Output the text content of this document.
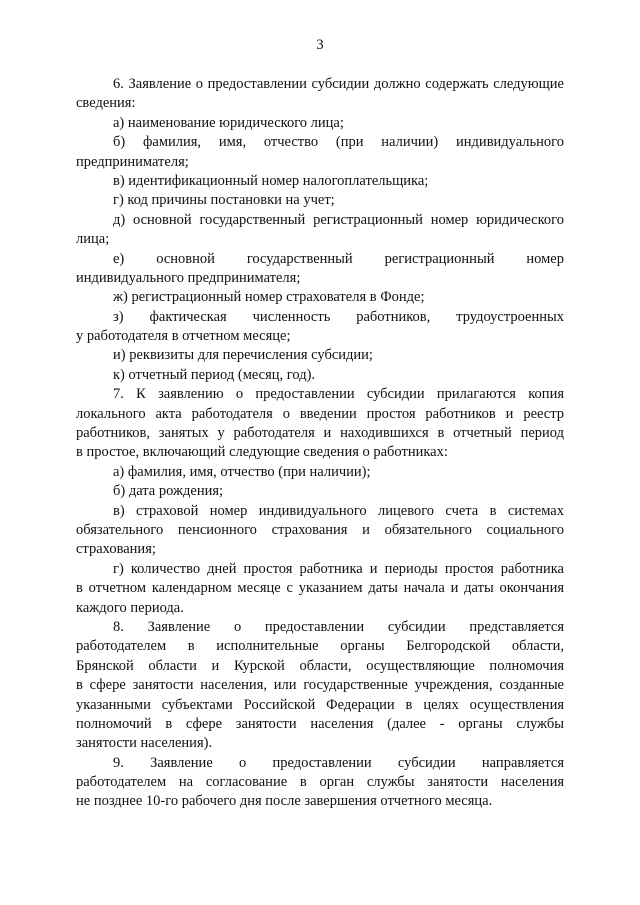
3
6. Заявление о предоставлении субсидии должно содержать следующие
сведения:
а) наименование юридического лица;
б) фамилия, имя, отчество (при наличии) индивидуального
предпринимателя;
в) идентификационный номер налогоплательщика;
г) код причины постановки на учет;
д) основной государственный регистрационный номер юридического
лица;
е) основной государственный регистрационный номер
индивидуального предпринимателя;
ж) регистрационный номер страхователя в Фонде;
з) фактическая численность работников, трудоустроенных
у работодателя в отчетном месяце;
и) реквизиты для перечисления субсидии;
к) отчетный период (месяц, год).
7. К заявлению о предоставлении субсидии прилагаются копия
локального акта работодателя о введении простоя работников и реестр
работников, занятых у работодателя и находившихся в отчетный период
в простое, включающий следующие сведения о работниках:
а) фамилия, имя, отчество (при наличии);
б) дата рождения;
в) страховой номер индивидуального лицевого счета в системах
обязательного пенсионного страхования и обязательного социального
страхования;
г) количество дней простоя работника и периоды простоя работника
в отчетном календарном месяце с указанием даты начала и даты окончания
каждого периода.
8. Заявление о предоставлении субсидии представляется
работодателем в исполнительные органы Белгородской области,
Брянской области и Курской области, осуществляющие полномочия
в сфере занятости населения, или государственные учреждения, созданные
указанными субъектами Российской Федерации в целях осуществления
полномочий в сфере занятости населения (далее - органы службы
занятости населения).
9. Заявление о предоставлении субсидии направляется
работодателем на согласование в орган службы занятости населения
не позднее 10-го рабочего дня после завершения отчетного месяца.
